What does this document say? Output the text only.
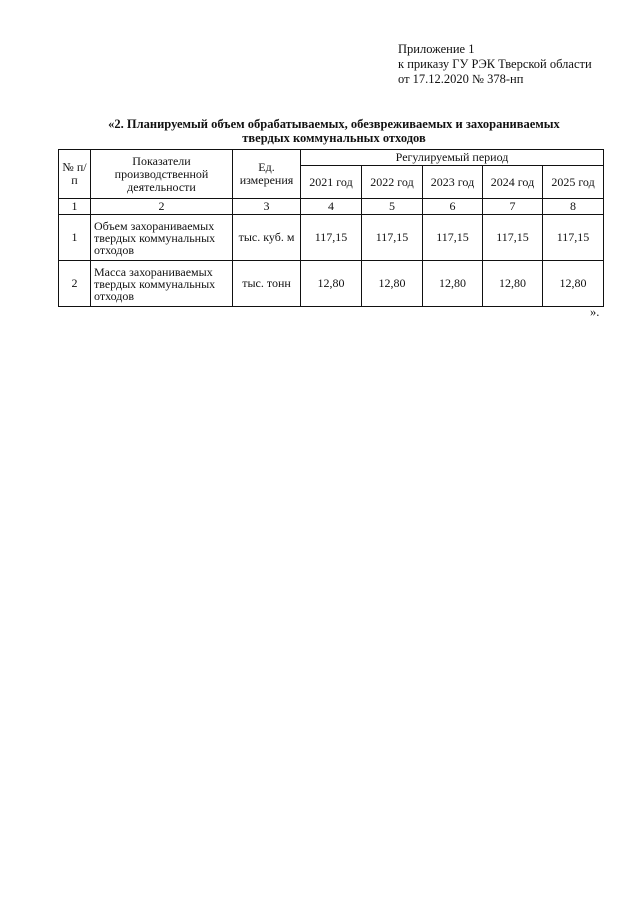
Приложение 1
к приказу ГУ РЭК Тверской области
от 17.12.2020 № 378-нп
«2. Планируемый объем обрабатываемых, обезвреживаемых и захораниваемых
твердых коммунальных отходов
№ п/п	Показатели производственной деятельности	Ед. измерения	Регулируемый период				
			2021 год	2022 год	2023 год	2024 год	2025 год
1	2	3	4	5	6	7	8
1	Объем захораниваемых твердых коммунальных отходов	тыс. куб. м	117,15	117,15	117,15	117,15	117,15
2	Масса захораниваемых твердых коммунальных отходов	тыс. тонн	12,80	12,80	12,80	12,80	12,80
».
